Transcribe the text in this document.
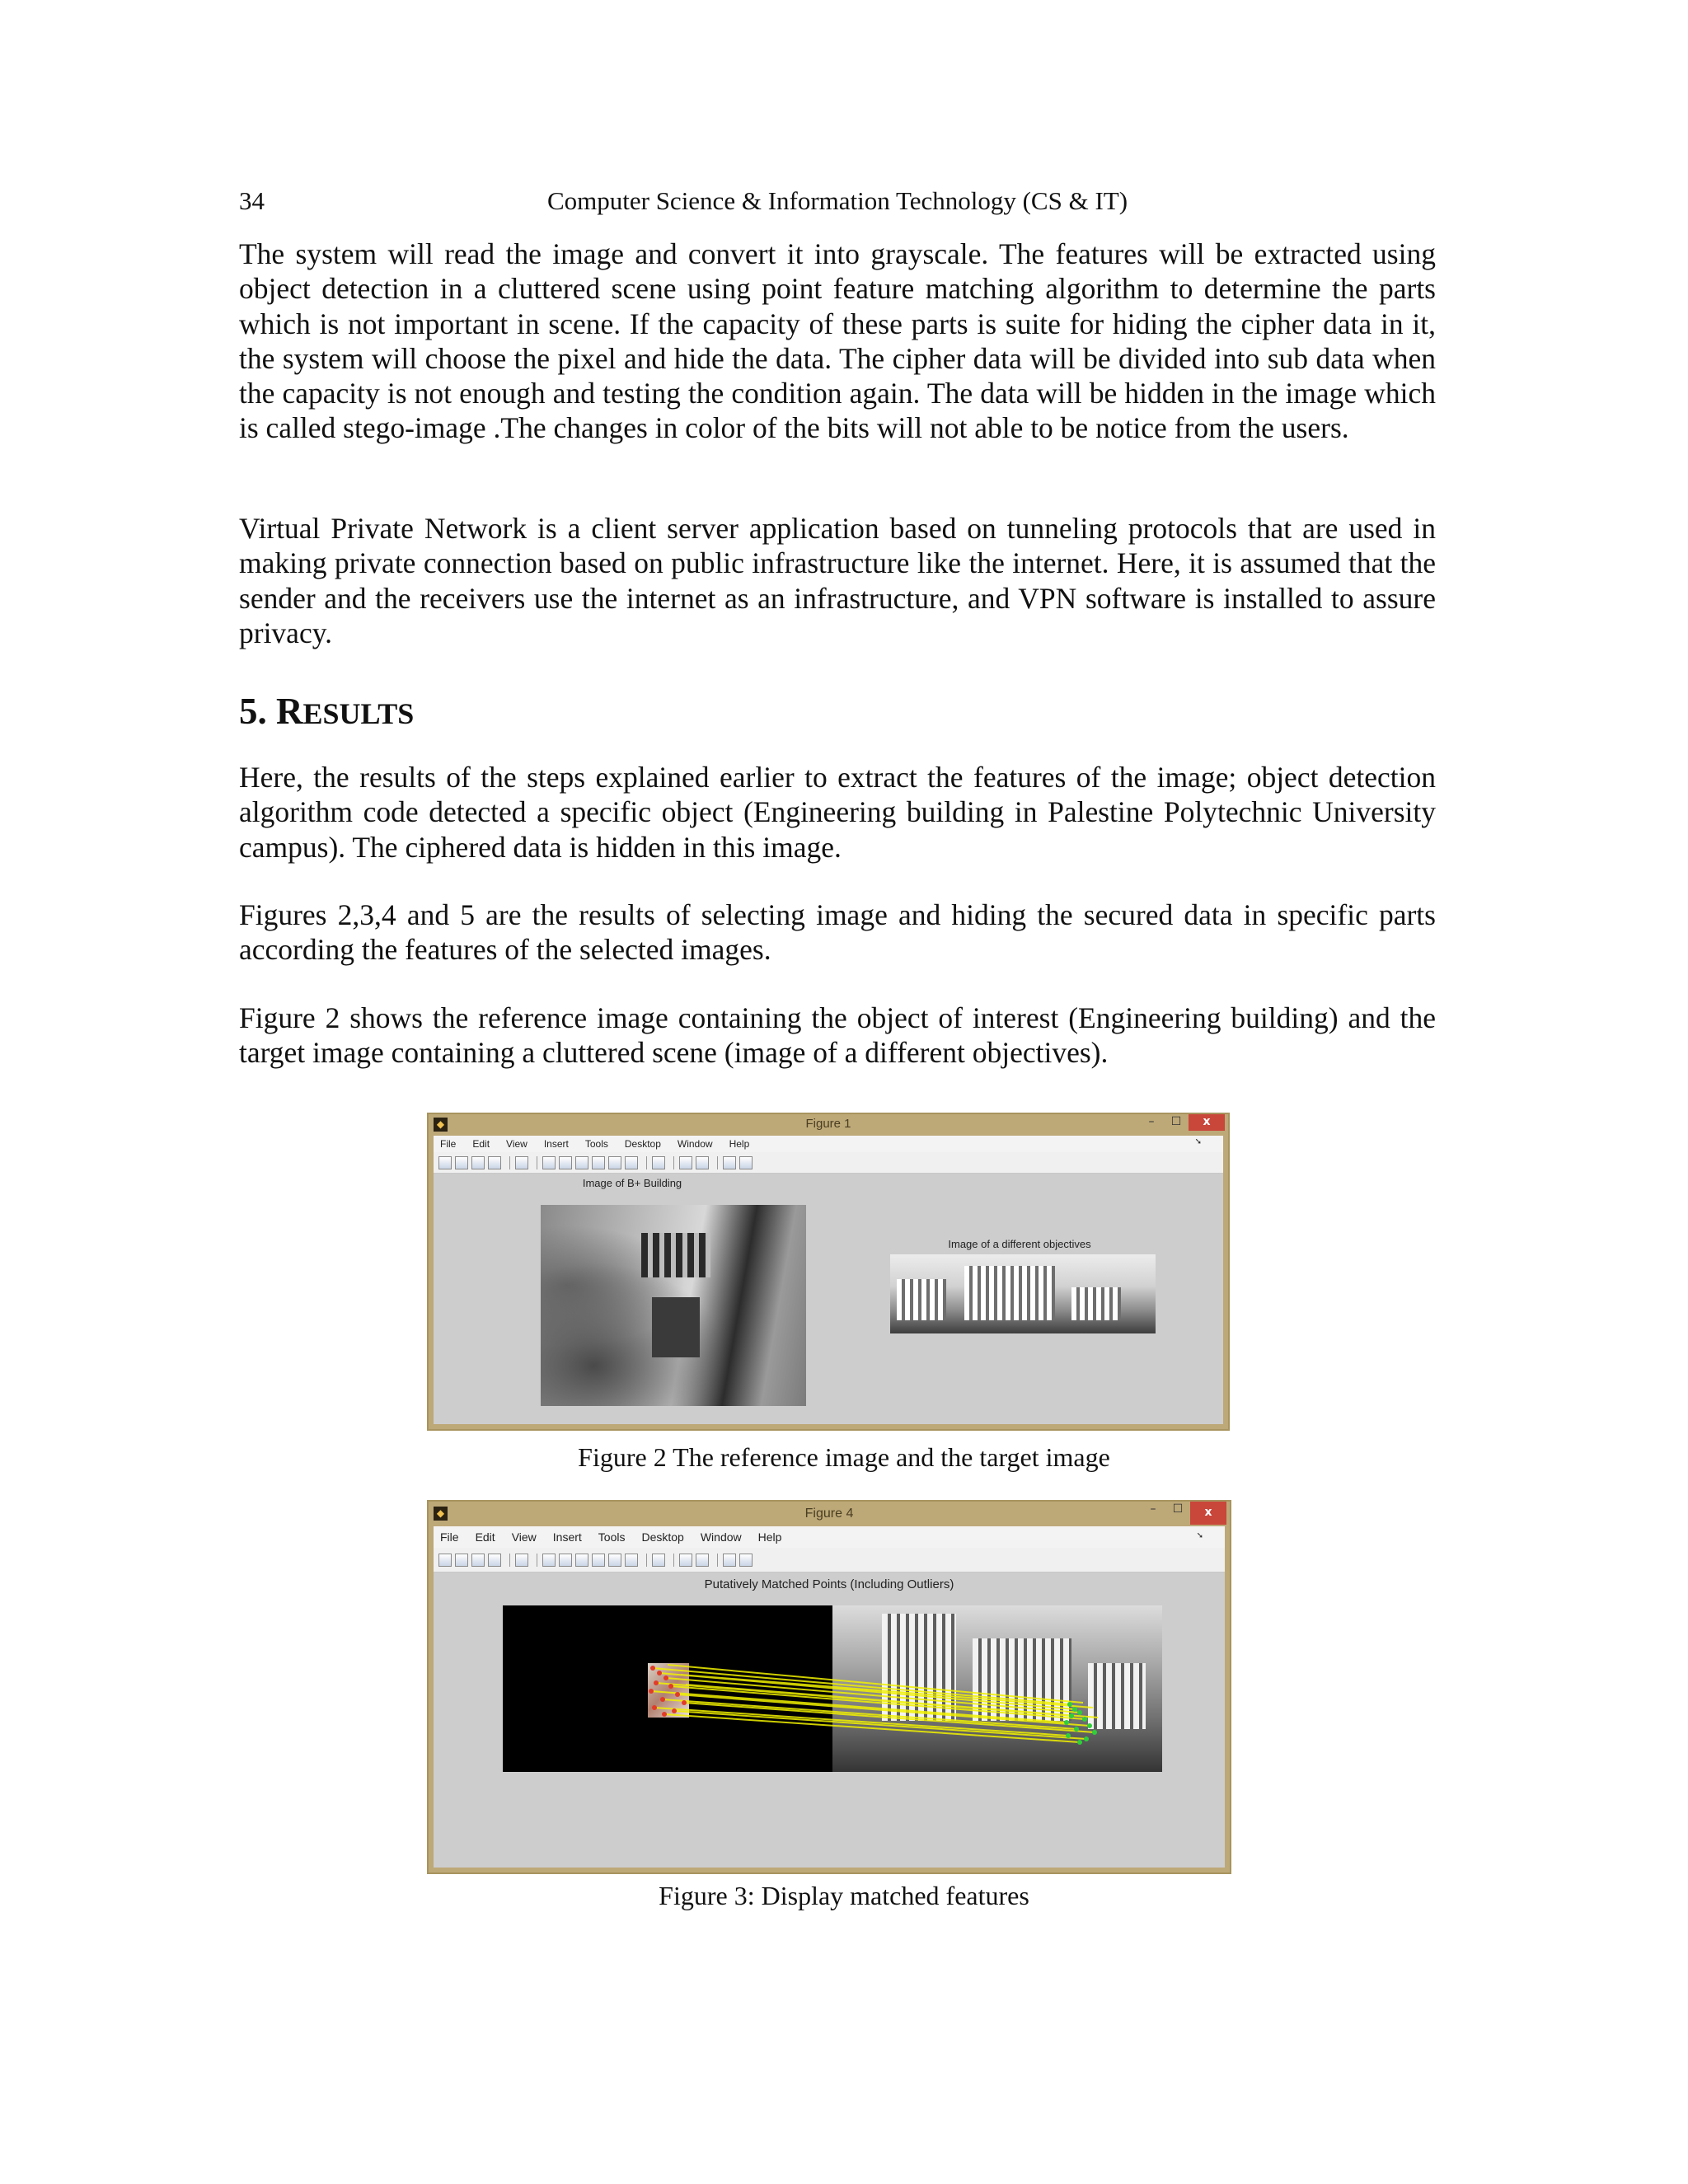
34	Computer Science & Information Technology (CS & IT)

The system will read the image and convert it into grayscale. The features will be extracted using object detection in a cluttered scene using point feature matching algorithm to determine the parts which is not important in scene. If the capacity of these parts is suite for hiding the cipher data in it, the system will choose the pixel and hide the data. The cipher data will be divided into sub data when the capacity is not enough and testing the condition again. The data will be hidden in the image which is called stego-image .The changes in color of the bits will not able to be notice from the users.

Virtual Private Network is a client server application based on tunneling protocols that are used in making private connection based on public infrastructure like the internet. Here, it is assumed that the sender and the receivers use the internet as an infrastructure, and VPN software is installed to assure privacy.

5. RESULTS

Here, the results of the steps explained earlier to extract the features of the image; object detection algorithm code detected a specific object (Engineering building in Palestine Polytechnic University campus). The ciphered data is hidden in this image.

Figures 2,3,4 and 5 are the results of selecting image and hiding the secured data in specific parts according the features of the selected images.

Figure 2 shows the reference image containing the object of interest (Engineering building) and the target image containing a cluttered scene (image of a different objectives).

◆	Figure 1	–	☐	x
File Edit View Insert Tools Desktop Window Help	➘
Image of B+ Building
Image of a different objectives
Figure 2 The reference image and the target image
◆	Figure 4	–	☐	x
File Edit View Insert Tools Desktop Window Help	➘
Putatively Matched Points (Including Outliers)
Figure 3: Display matched features
